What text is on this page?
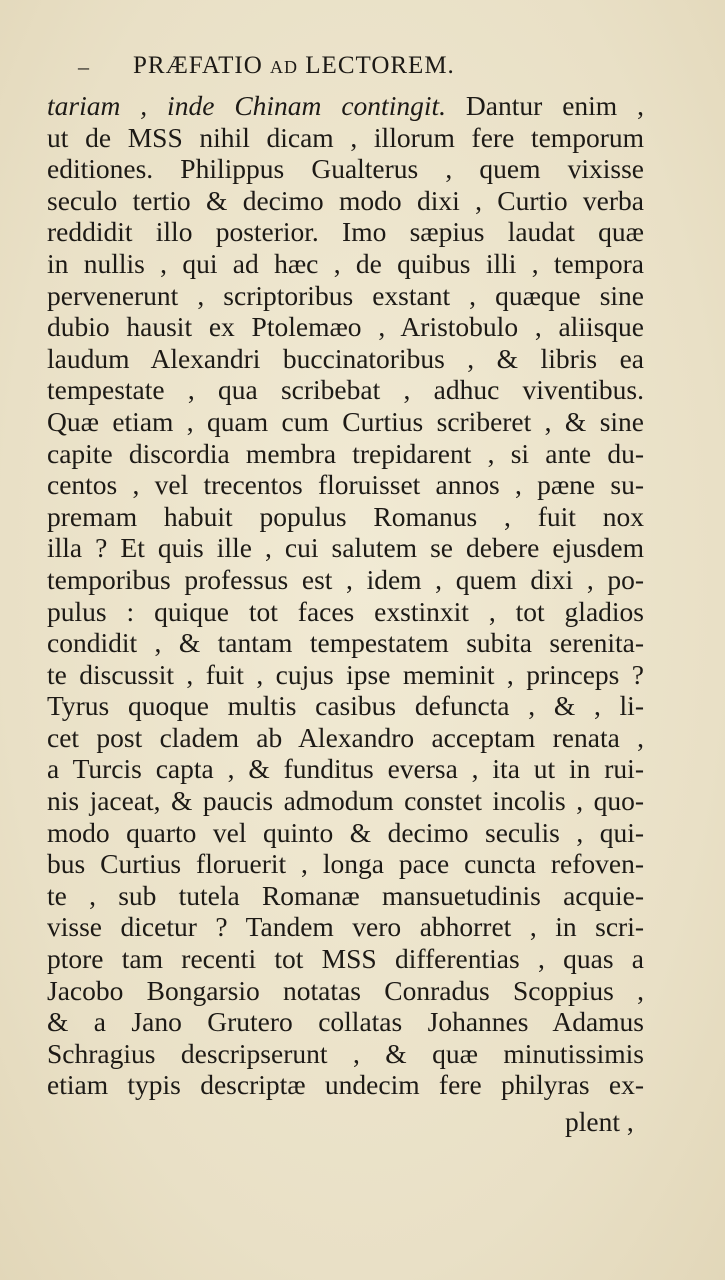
– PRÆFATIO ad LECTOREM.
tariam , inde Chinam contingit. Dantur enim ,
ut de MSS nihil dicam , illorum fere temporum
editiones. Philippus Gualterus , quem vixisse
seculo tertio & decimo modo dixi , Curtio verba
reddidit illo posterior. Imo sæpius laudat quæ
in nullis , qui ad hæc , de quibus illi , tempora
pervenerunt , scriptoribus exstant , quæque sine
dubio hausit ex Ptolemæo , Aristobulo , aliisque
laudum Alexandri buccinatoribus , & libris ea
tempestate , qua scribebat , adhuc viventibus.
Quæ etiam , quam cum Curtius scriberet , & sine
capite discordia membra trepidarent , si ante du-
centos , vel trecentos floruisset annos , pæne su-
premam habuit populus Romanus , fuit nox
illa ? Et quis ille , cui salutem se debere ejusdem
temporibus professus est , idem , quem dixi , po-
pulus : quique tot faces exstinxit , tot gladios
condidit , & tantam tempestatem subita serenita-
te discussit , fuit , cujus ipse meminit , princeps ?
Tyrus quoque multis casibus defuncta , & , li-
cet post cladem ab Alexandro acceptam renata ,
a Turcis capta , & funditus eversa , ita ut in rui-
nis jaceat, & paucis admodum constet incolis , quo-
modo quarto vel quinto & decimo seculis , qui-
bus Curtius floruerit , longa pace cuncta refoven-
te , sub tutela Romanæ mansuetudinis acquie-
visse dicetur ? Tandem vero abhorret , in scri-
ptore tam recenti tot MSS differentias , quas a
Jacobo Bongarsio notatas Conradus Scoppius ,
& a Jano Grutero collatas Johannes Adamus
Schragius descripserunt , & quæ minutissimis
etiam typis descriptæ undecim fere philyras ex-
plent ,
